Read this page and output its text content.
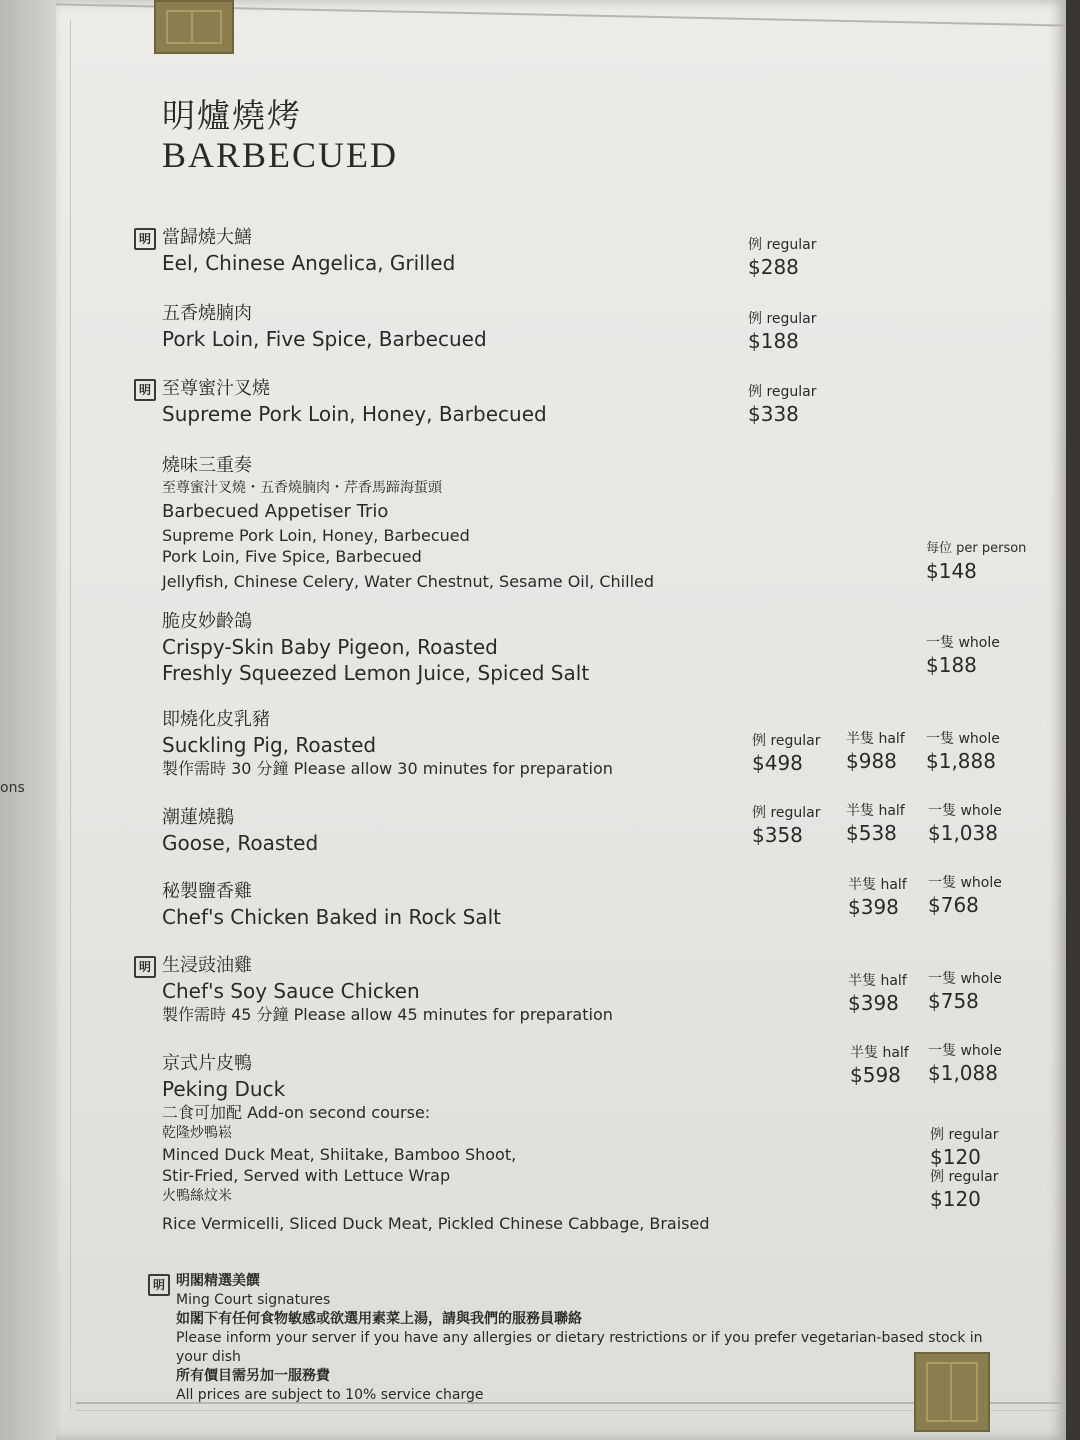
ons
明爐燒烤
BARBECUED
明 當歸燒大鱔
Eel, Chinese Angelica, Grilled
例 regular
$288
五香燒腩肉
Pork Loin, Five Spice, Barbecued
例 regular
$188
明 至尊蜜汁叉燒
Supreme Pork Loin, Honey, Barbecued
例 regular
$338
燒味三重奏
至尊蜜汁叉燒・五香燒腩肉・芹香馬蹄海蜇頭
Barbecued Appetiser Trio
Supreme Pork Loin, Honey, Barbecued
Pork Loin, Five Spice, Barbecued
Jellyfish, Chinese Celery, Water Chestnut, Sesame Oil, Chilled
每位 per person
$148
脆皮妙齡鴿
Crispy-Skin Baby Pigeon, Roasted
Freshly Squeezed Lemon Juice, Spiced Salt
一隻 whole
$188
即燒化皮乳豬
Suckling Pig, Roasted
製作需時 30 分鐘 Please allow 30 minutes for preparation
例 regular
$498
半隻 half
$988
一隻 whole
$1,888
潮蓮燒鵝
Goose, Roasted
例 regular
$358
半隻 half
$538
一隻 whole
$1,038
秘製鹽香雞
Chef's Chicken Baked in Rock Salt
半隻 half
$398
一隻 whole
$768
明 生浸豉油雞
Chef's Soy Sauce Chicken
製作需時 45 分鐘 Please allow 45 minutes for preparation
半隻 half
$398
一隻 whole
$758
京式片皮鴨
Peking Duck
二食可加配 Add-on second course:
乾隆炒鴨崧
Minced Duck Meat, Shiitake, Bamboo Shoot,
Stir-Fried, Served with Lettuce Wrap
火鴨絲炆米
Rice Vermicelli, Sliced Duck Meat, Pickled Chinese Cabbage, Braised
半隻 half
$598
一隻 whole
$1,088
例 regular
$120
例 regular
$120
明 明閣精選美饌
Ming Court signatures
如閣下有任何食物敏感或欲選用素菜上湯，請與我們的服務員聯絡
Please inform your server if you have any allergies or dietary restrictions or if you prefer vegetarian-based stock in your dish
所有價目需另加一服務費
All prices are subject to 10% service charge
